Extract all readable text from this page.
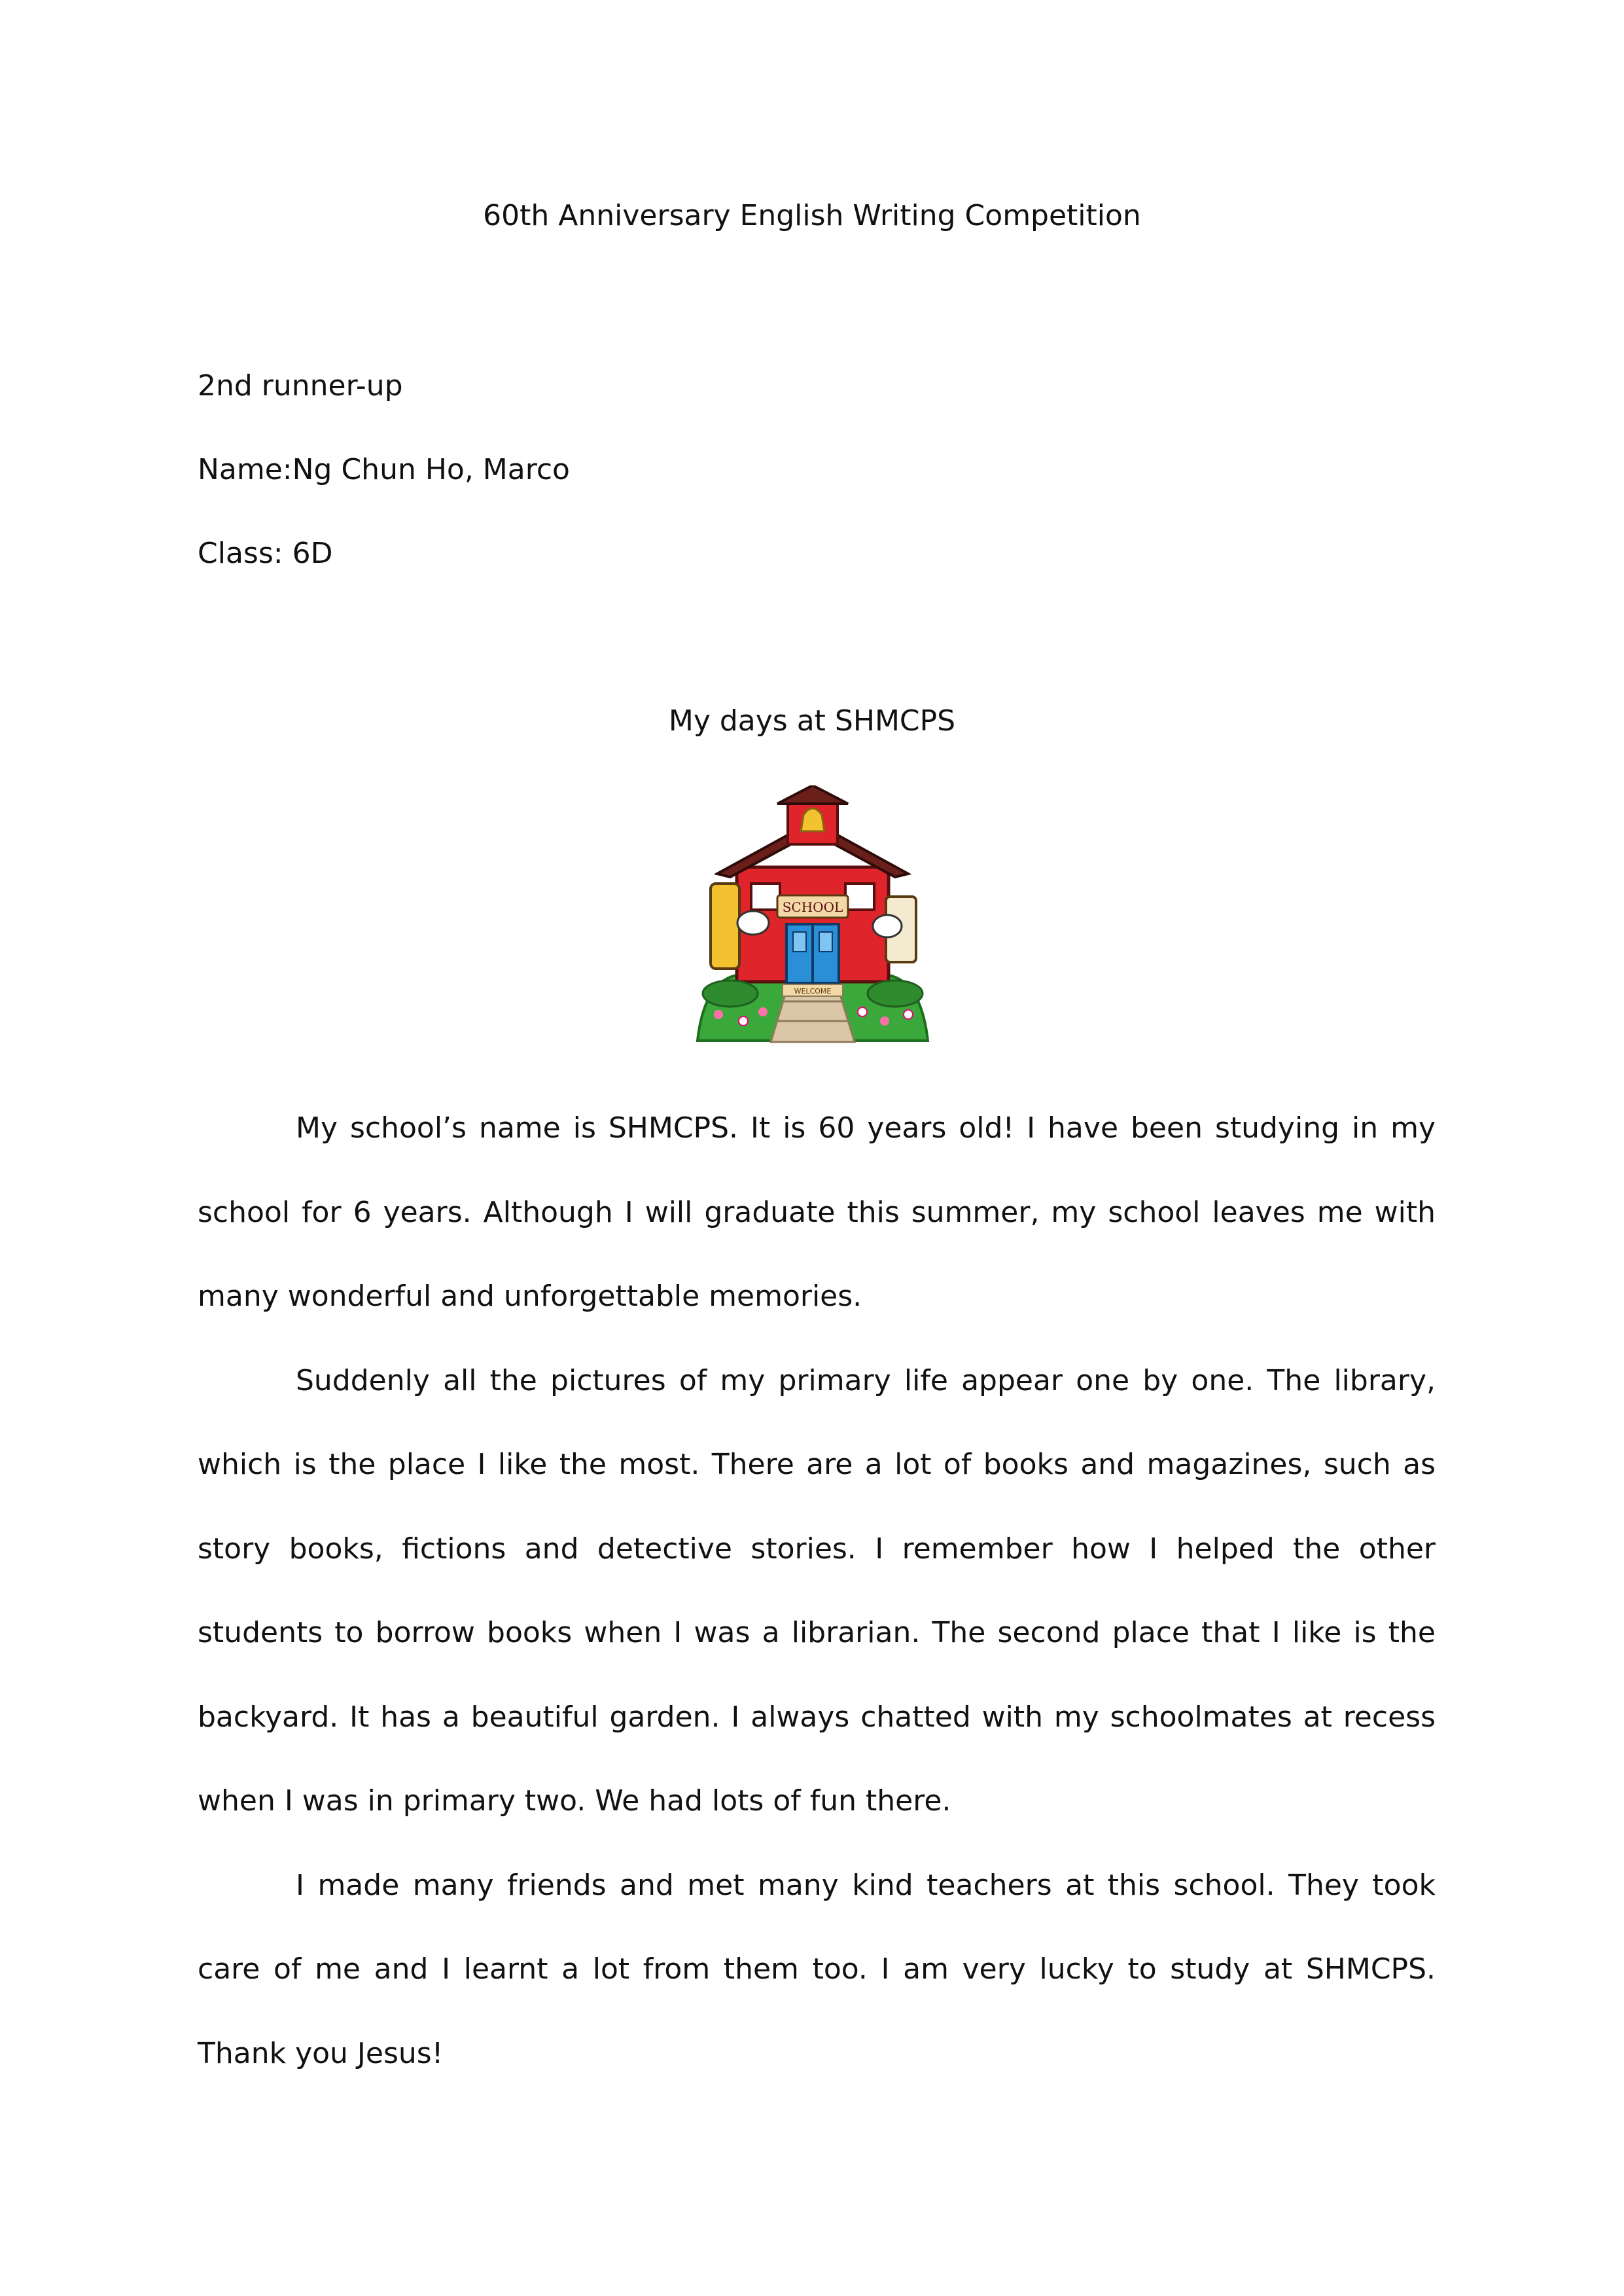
60th Anniversary English Writing Competition
2nd runner-up
Name:Ng Chun Ho, Marco
Class: 6D
My days at SHMCPS
SCHOOL
WELCOME

My school’s name is SHMCPS. It is 60 years old! I have been studying in my school for 6 years. Although I will graduate this summer, my school leaves me with many wonderful and unforgettable memories.

Suddenly all the pictures of my primary life appear one by one. The library, which is the place I like the most. There are a lot of books and magazines, such as story books, fictions and detective stories. I remember how I helped the other students to borrow books when I was a librarian. The second place that I like is the backyard. It has a beautiful garden. I always chatted with my schoolmates at recess when I was in primary two. We had lots of fun there.

I made many friends and met many kind teachers at this school. They took care of me and I learnt a lot from them too. I am very lucky to study at SHMCPS. Thank you Jesus!
